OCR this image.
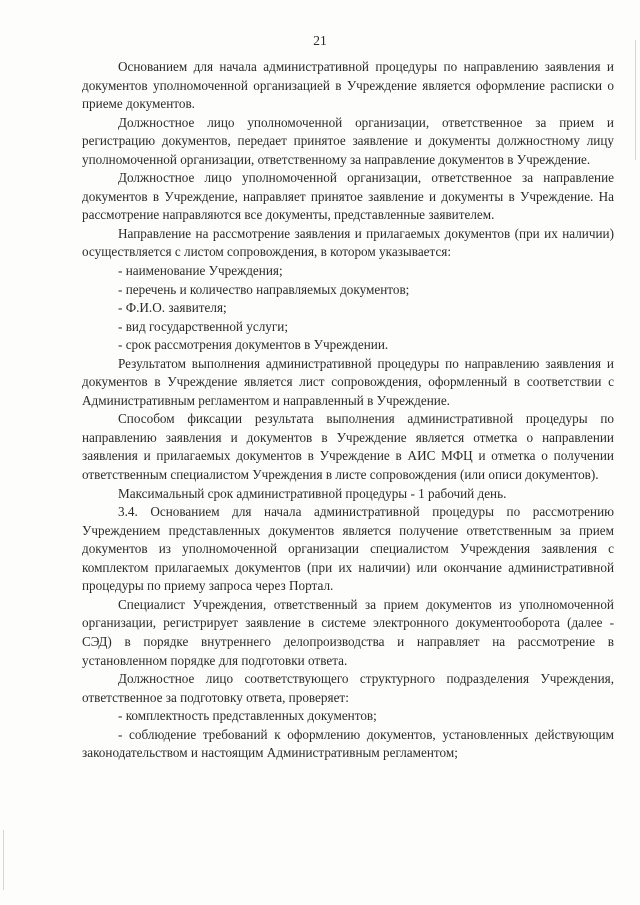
21

Основанием для начала административной процедуры по направлению заявления и документов уполномоченной организацией в Учреждение является оформление расписки о приеме документов.

Должностное лицо уполномоченной организации, ответственное за прием и регистрацию документов, передает принятое заявление и документы должностному лицу уполномоченной организации, ответственному за направление документов в Учреждение.

Должностное лицо уполномоченной организации, ответственное за направление документов в Учреждение, направляет принятое заявление и документы в Учреждение. На рассмотрение направляются все документы, представленные заявителем.

Направление на рассмотрение заявления и прилагаемых документов (при их наличии) осуществляется с листом сопровождения, в котором указывается:

- наименование Учреждения;

- перечень и количество направляемых документов;

- Ф.И.О. заявителя;

- вид государственной услуги;

- срок рассмотрения документов в Учреждении.

Результатом выполнения административной процедуры по направлению заявления и документов в Учреждение является лист сопровождения, оформленный в соответствии с Административным регламентом и направленный в Учреждение.

Способом фиксации результата выполнения административной процедуры по направлению заявления и документов в Учреждение является отметка о направлении заявления и прилагаемых документов в Учреждение в АИС МФЦ и отметка о получении ответственным специалистом Учреждения в листе сопровождения (или описи документов).

Максимальный срок административной процедуры - 1 рабочий день.

3.4. Основанием для начала административной процедуры по рассмотрению Учреждением представленных документов является получение ответственным за прием документов из уполномоченной организации специалистом Учреждения заявления с комплектом прилагаемых документов (при их наличии) или окончание административной процедуры по приему запроса через Портал.

Специалист Учреждения, ответственный за прием документов из уполномоченной организации, регистрирует заявление в системе электронного документооборота (далее - СЭД) в порядке внутреннего делопроизводства и направляет на рассмотрение в установленном порядке для подготовки ответа.

Должностное лицо соответствующего структурного подразделения Учреждения, ответственное за подготовку ответа, проверяет:

- комплектность представленных документов;

- соблюдение требований к оформлению документов, установленных действующим законодательством и настоящим Административным регламентом;
